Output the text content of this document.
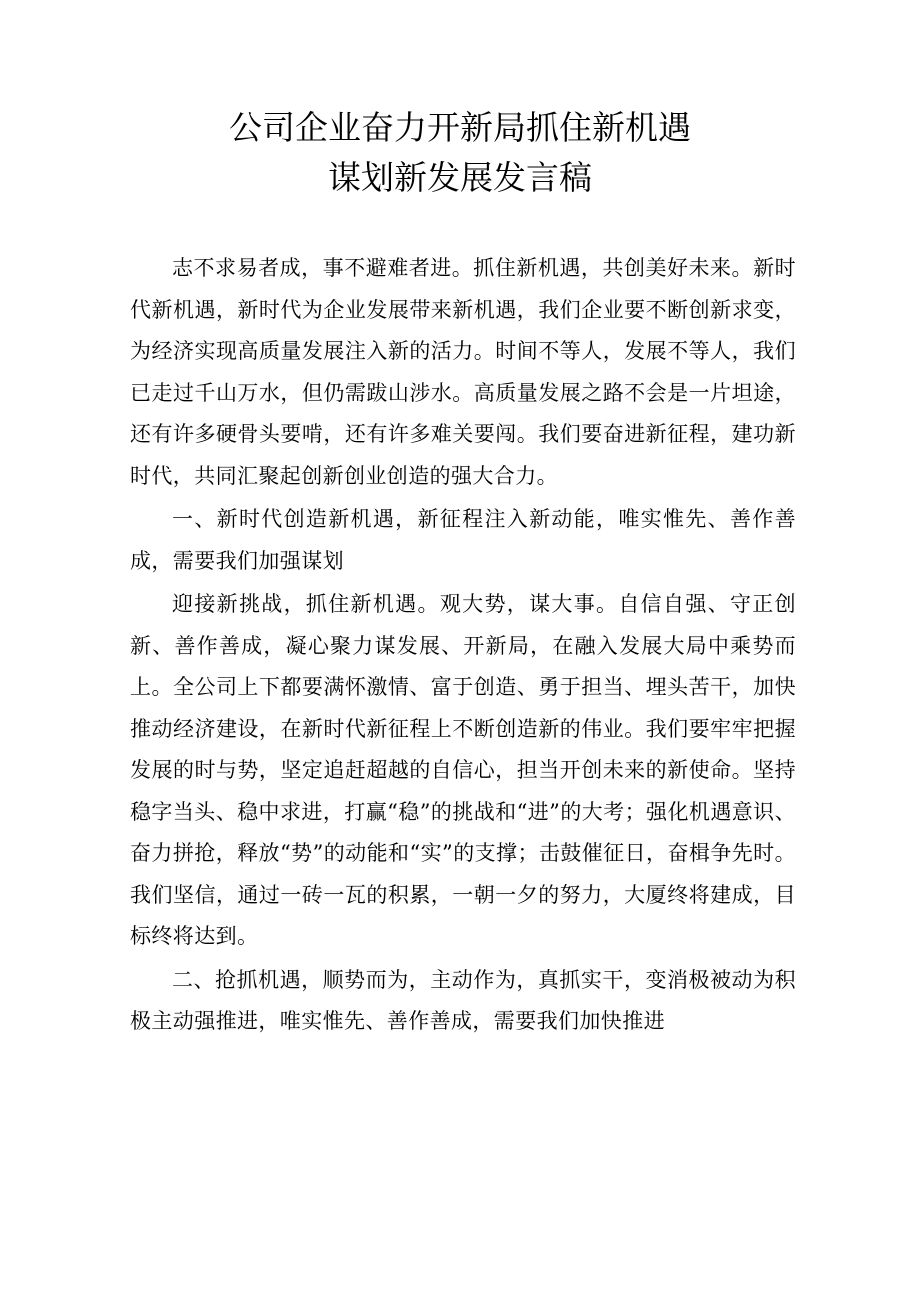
公司企业奋力开新局抓住新机遇
谋划新发展发言稿

志不求易者成，事不避难者进。抓住新机遇，共创美好未来。新时代新机遇，新时代为企业发展带来新机遇，我们企业要不断创新求变，为经济实现高质量发展注入新的活力。时间不等人，发展不等人，我们已走过千山万水，但仍需跋山涉水。高质量发展之路不会是一片坦途，还有许多硬骨头要啃，还有许多难关要闯。我们要奋进新征程，建功新时代，共同汇聚起创新创业创造的强大合力。

一、新时代创造新机遇，新征程注入新动能，唯实惟先、善作善成，需要我们加强谋划

迎接新挑战，抓住新机遇。观大势，谋大事。自信自强、守正创新、善作善成，凝心聚力谋发展、开新局，在融入发展大局中乘势而上。全公司上下都要满怀激情、富于创造、勇于担当、埋头苦干，加快推动经济建设，在新时代新征程上不断创造新的伟业。我们要牢牢把握发展的时与势，坚定追赶超越的自信心，担当开创未来的新使命。坚持稳字当头、稳中求进，打赢“稳”的挑战和“进”的大考；强化机遇意识、奋力拼抢，释放“势”的动能和“实”的支撑；击鼓催征日，奋楫争先时。我们坚信，通过一砖一瓦的积累，一朝一夕的努力，大厦终将建成，目标终将达到。

二、抢抓机遇，顺势而为，主动作为，真抓实干，变消极被动为积极主动强推进，唯实惟先、善作善成，需要我们加快推进
